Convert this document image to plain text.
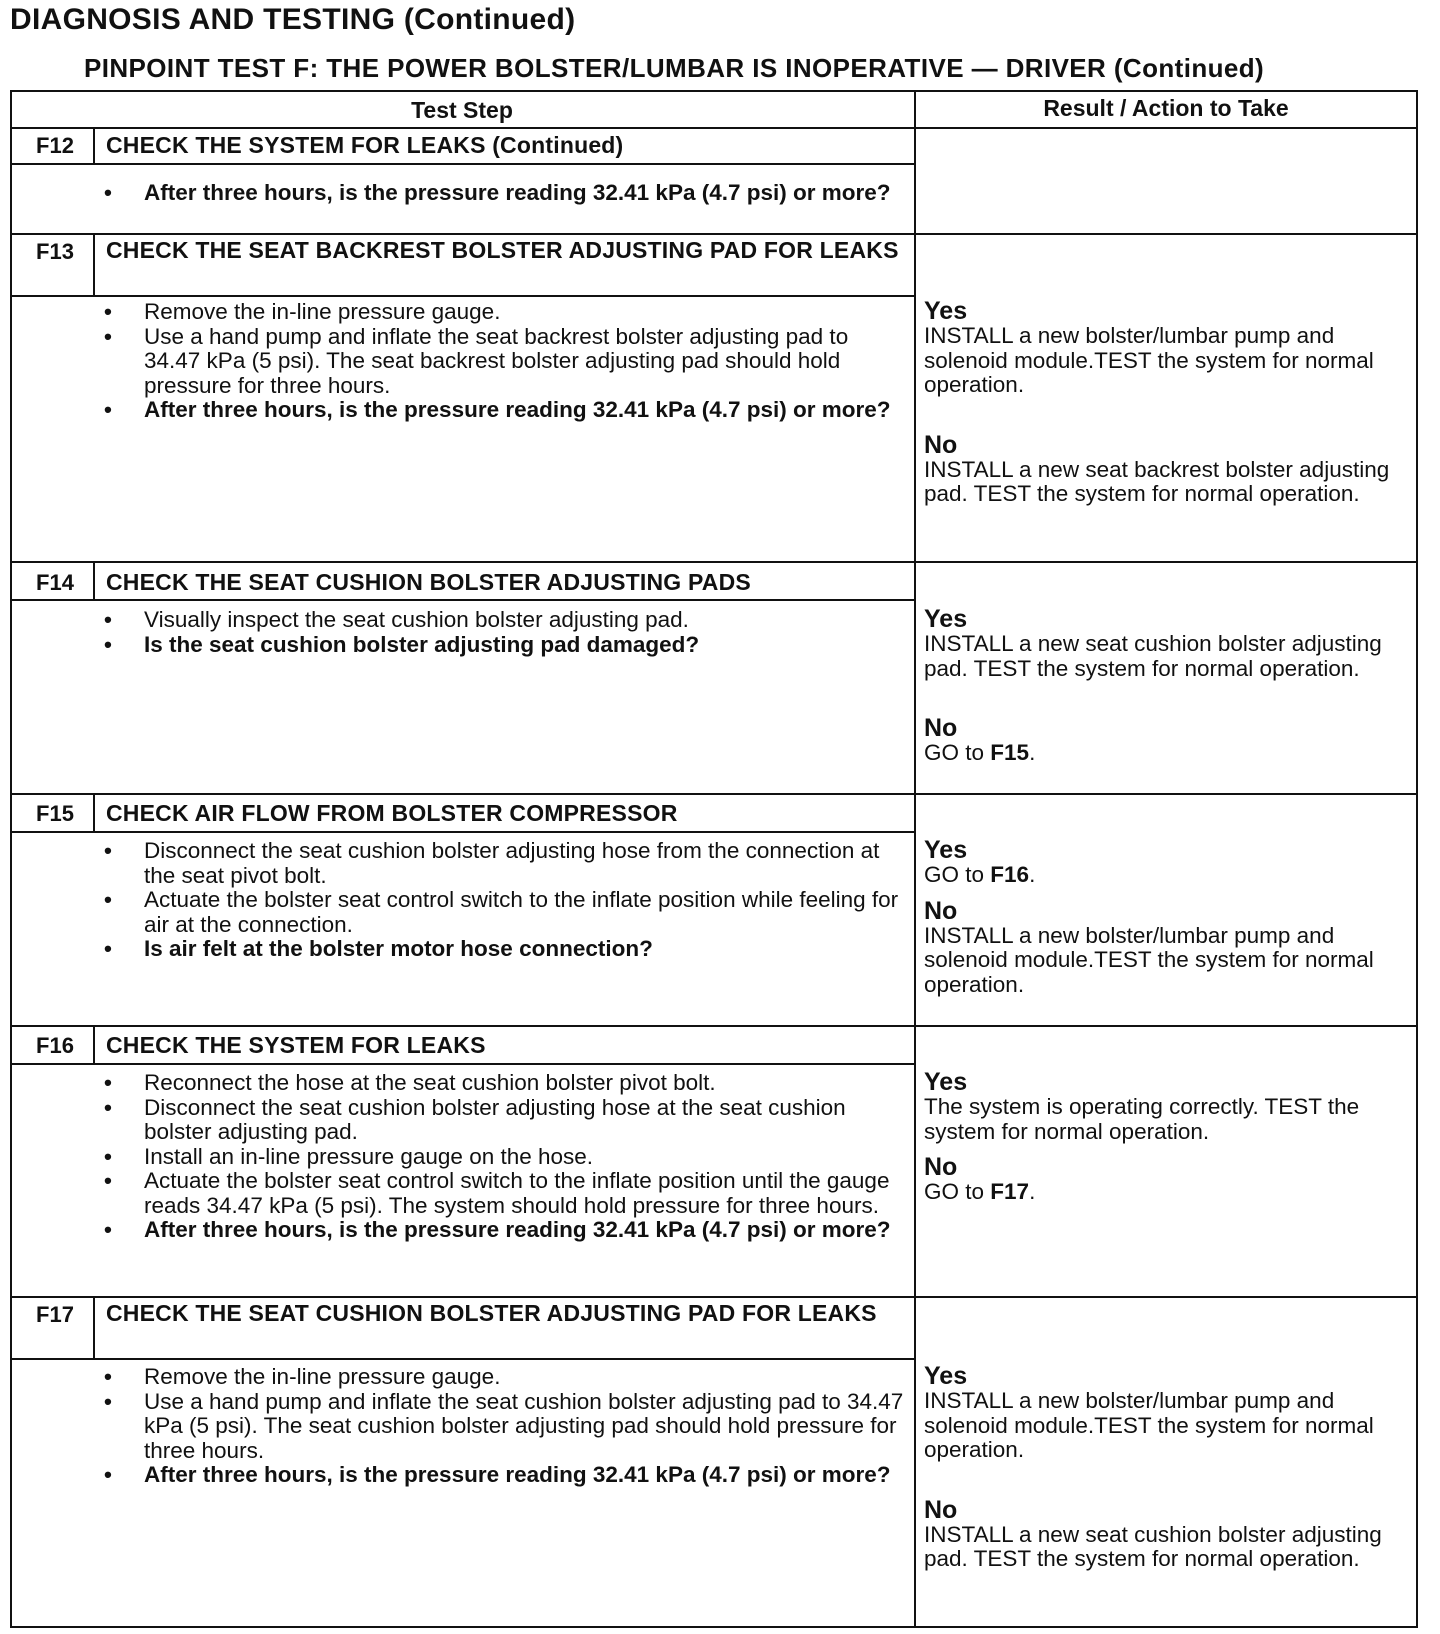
DIAGNOSIS AND TESTING (Continued)
PINPOINT TEST F: THE POWER BOLSTER/LUMBAR IS INOPERATIVE — DRIVER (Continued)
Test Step	Result / Action to Take
F12	CHECK THE SYSTEM FOR LEAKS (Continued)
• After three hours, is the pressure reading 32.41 kPa (4.7 psi) or more?
F13	CHECK THE SEAT BACKREST BOLSTER ADJUSTING PAD FOR LEAKS
• Remove the in-line pressure gauge.
• Use a hand pump and inflate the seat backrest bolster adjusting pad to 34.47 kPa (5 psi). The seat backrest bolster adjusting pad should hold pressure for three hours.
• After three hours, is the pressure reading 32.41 kPa (4.7 psi) or more?

Yes

INSTALL a new bolster/lumbar pump and solenoid module.TEST the system for normal operation.

No

INSTALL a new seat backrest bolster adjusting pad. TEST the system for normal operation.

F14	CHECK THE SEAT CUSHION BOLSTER ADJUSTING PADS
• Visually inspect the seat cushion bolster adjusting pad.
• Is the seat cushion bolster adjusting pad damaged?

Yes

INSTALL a new seat cushion bolster adjusting pad. TEST the system for normal operation.

No

GO to F15.

F15	CHECK AIR FLOW FROM BOLSTER COMPRESSOR
• Disconnect the seat cushion bolster adjusting hose from the connection at the seat pivot bolt.
• Actuate the bolster seat control switch to the inflate position while feeling for air at the connection.
• Is air felt at the bolster motor hose connection?

Yes

GO to F16.

No

INSTALL a new bolster/lumbar pump and solenoid module.TEST the system for normal operation.

F16	CHECK THE SYSTEM FOR LEAKS
• Reconnect the hose at the seat cushion bolster pivot bolt.
• Disconnect the seat cushion bolster adjusting hose at the seat cushion bolster adjusting pad.
• Install an in-line pressure gauge on the hose.
• Actuate the bolster seat control switch to the inflate position until the gauge reads 34.47 kPa (5 psi). The system should hold pressure for three hours.
• After three hours, is the pressure reading 32.41 kPa (4.7 psi) or more?

Yes

The system is operating correctly. TEST the system for normal operation.

No

GO to F17.

F17	CHECK THE SEAT CUSHION BOLSTER ADJUSTING PAD FOR LEAKS
• Remove the in-line pressure gauge.
• Use a hand pump and inflate the seat cushion bolster adjusting pad to 34.47 kPa (5 psi). The seat cushion bolster adjusting pad should hold pressure for three hours.
• After three hours, is the pressure reading 32.41 kPa (4.7 psi) or more?

Yes

INSTALL a new bolster/lumbar pump and solenoid module.TEST the system for normal operation.

No

INSTALL a new seat cushion bolster adjusting pad. TEST the system for normal operation.
